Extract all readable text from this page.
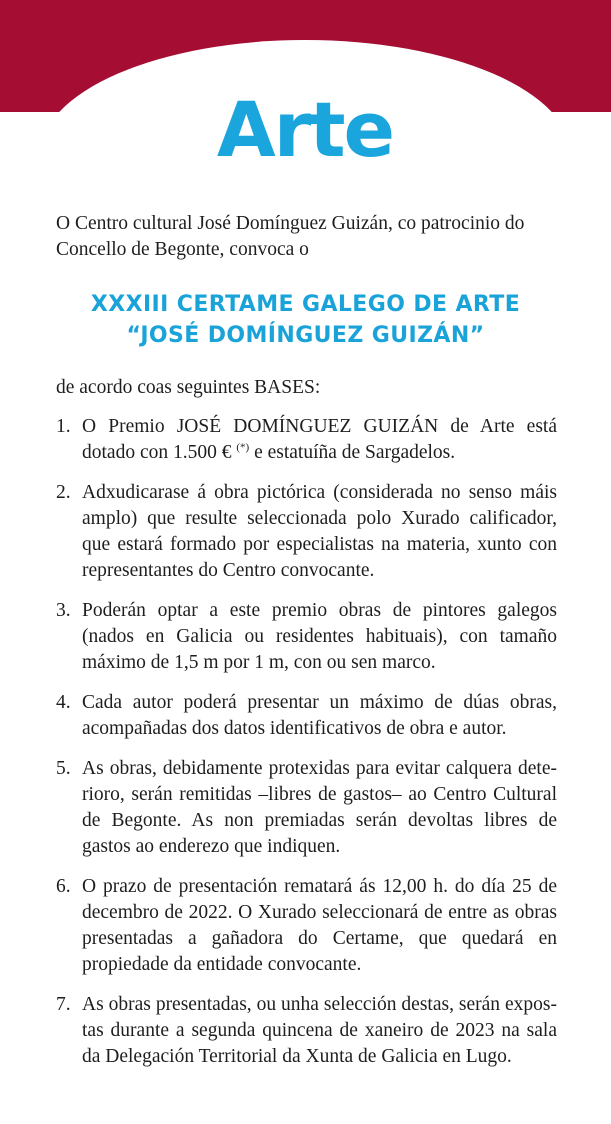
Arte

O Centro cultural José Domínguez Guizán, co patrocinio do Concello de Begonte, convoca o

XXXIII CERTAME GALEGO DE ARTE
“JOSÉ DOMÍNGUEZ GUIZÁN”

de acordo coas seguintes BASES:

1. O Premio JOSÉ DOMÍNGUEZ GUIZÁN de Arte está dotado con 1.500 € (*) e estatuíña de Sargadelos.
2. Adxudicarase á obra pictórica (considerada no senso máis amplo) que resulte seleccionada polo Xurado calificador, que estará formado por especialistas na materia, xunto con representantes do Centro convocante.
3. Poderán optar a este premio obras de pintores galegos (nados en Galicia ou residentes habituais), con tamaño máximo de 1,5 m por 1 m, con ou sen marco.
4. Cada autor poderá presentar un máximo de dúas obras, acompañadas dos datos identificativos de obra e autor.
5. As obras, debidamente protexidas para evitar calquera deterioro, serán remitidas –libres de gastos– ao Centro Cultural de Begonte. As non premiadas serán devoltas libres de gastos ao enderezo que indiquen.
6. O prazo de presentación rematará ás 12,00 h. do día 25 de decembro de 2022. O Xurado seleccionará de entre as obras presentadas a gañadora do Certame, que quedará en propiedade da entidade convocante.
7. As obras presentadas, ou unha selección destas, serán expostas durante a segunda quincena de xaneiro de 2023 na sala da Delegación Territorial da Xunta de Galicia en Lugo.
